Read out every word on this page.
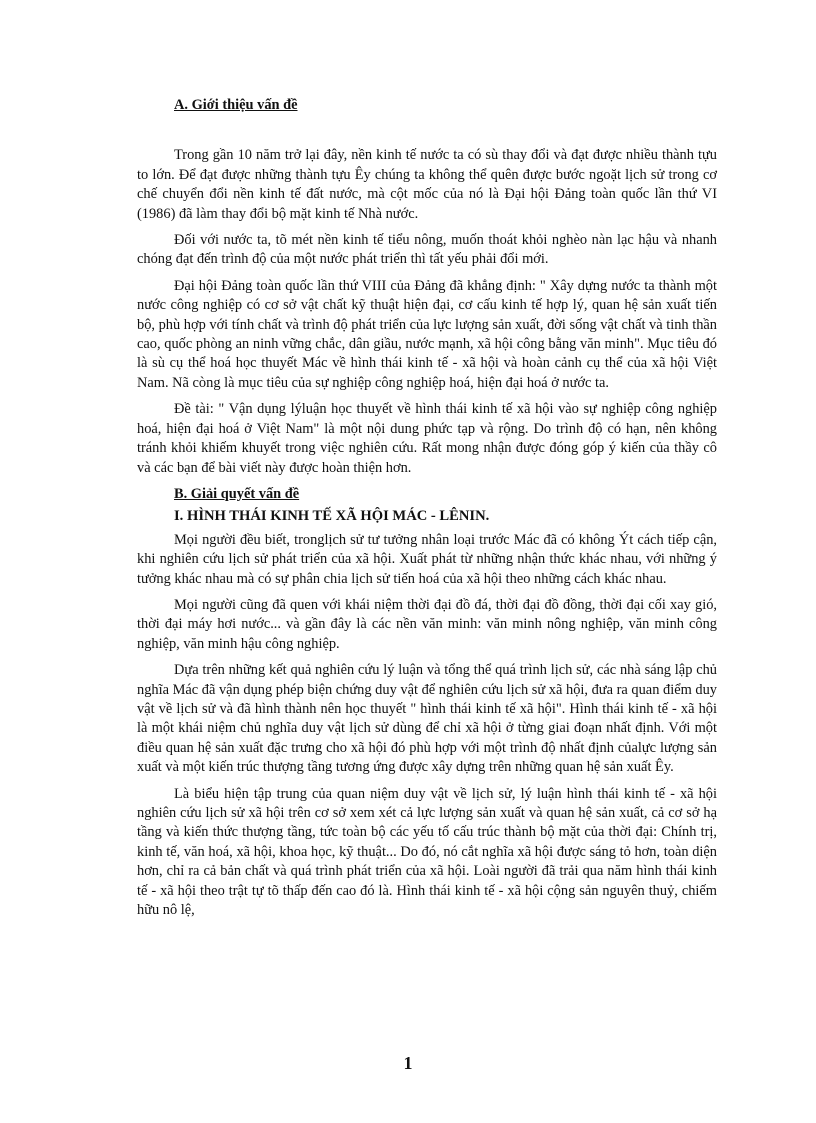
A. Giới thiệu vấn đề

Trong gần 10 năm trở lại đây, nền kinh tế nước ta có sù thay đổi và đạt được nhiều thành tựu to lớn. Để đạt được những thành tựu Êy chúng ta không thể quên được bước ngoặt lịch sử trong cơ chế chuyển đổi nền kinh tế đất nước, mà cột mốc của nó là Đại hội Đảng toàn quốc lần thứ VI (1986) đã làm thay đổi bộ mặt kinh tế Nhà nước.

Đối với nước ta, tõ mét nền kinh tế tiểu nông, muốn thoát khỏi nghèo nàn lạc hậu và nhanh chóng đạt đến trình độ của một nước phát triển thì tất yếu phải đổi mới.

Đại hội Đảng toàn quốc lần thứ VIII của Đảng đã khẳng định: " Xây dựng nước ta thành một nước công nghiệp có cơ sở vật chất kỹ thuật hiện đại, cơ cấu kinh tế hợp lý, quan hệ sản xuất tiến bộ, phù hợp với tính chất và trình độ phát triển của lực lượng sản xuất, đời sống vật chất và tinh thần cao, quốc phòng an ninh vững chắc, dân giầu, nước mạnh, xã hội công bằng văn minh". Mục tiêu đó là sù cụ thể hoá học thuyết Mác về hình thái kinh tế - xã hội và hoàn cảnh cụ thể của xã hội Việt Nam. Nã còng là mục tiêu của sự nghiệp công nghiệp hoá, hiện đại hoá ở nước ta.

Đề tài: " Vận dụng lýluận học thuyết về hình thái kinh tế xã hội vào sự nghiệp công nghiệp hoá, hiện đại hoá ở Việt Nam" là một nội dung phức tạp và rộng. Do trình độ có hạn, nên không tránh khỏi khiếm khuyết trong việc nghiên cứu. Rất mong nhận được đóng góp ý kiến của thầy cô và các bạn để bài viết này được hoàn thiện hơn.

B. Giải quyết vấn đề

I. HÌNH THÁI KINH TẾ XÃ HỘI MÁC - LÊNIN.

Mọi người đều biết, tronglịch sử tư tưởng nhân loại trước Mác đã có không Ýt cách tiếp cận, khi nghiên cứu lịch sử phát triển của xã hội. Xuất phát từ những nhận thức khác nhau, với những ý tưởng khác nhau mà có sự phân chia lịch sử tiến hoá của xã hội theo những cách khác nhau.

Mọi người cũng đã quen với khái niệm thời đại đồ đá, thời đại đồ đồng, thời đại cối xay gió, thời đại máy hơi nước... và gần đây là các nền văn minh: văn minh nông nghiệp, văn minh công nghiệp, văn minh hậu công nghiệp.

Dựa trên những kết quả nghiên cứu lý luận và tổng thể quá trình lịch sử, các nhà sáng lập chủ nghĩa Mác đã vận dụng phép biện chứng duy vật để nghiên cứu lịch sử xã hội, đưa ra quan điểm duy vật về lịch sử và đã hình thành nên học thuyết " hình thái kinh tế xã hội". Hình thái kinh tế - xã hội là một khái niệm chủ nghĩa duy vật lịch sử dùng để chỉ xã hội ở từng giai đoạn nhất định. Với một điều quan hệ sản xuất đặc trưng cho xã hội đó phù hợp với một trình độ nhất định củalực lượng sản xuất và một kiến trúc thượng tầng tương ứng được xây dựng trên những quan hệ sản xuất Êy.

Là biểu hiện tập trung của quan niệm duy vật về lịch sử, lý luận hình thái kinh tế - xã hội nghiên cứu lịch sử xã hội trên cơ sở xem xét cả lực lượng sản xuất và quan hệ sản xuất, cả cơ sở hạ tầng và kiến thức thượng tầng, tức toàn bộ các yếu tố cấu trúc thành bộ mặt của thời đại: Chính trị, kinh tế, văn hoá, xã hội, khoa học, kỹ thuật... Do đó, nó cắt nghĩa xã hội được sáng tỏ hơn, toàn diện hơn, chỉ ra cả bản chất và quá trình phát triển của xã hội. Loài người đã trải qua năm hình thái kinh tế - xã hội theo trật tự tõ thấp đến cao đó là. Hình thái kinh tế - xã hội cộng sản nguyên thuỷ, chiếm hữu nô lệ,

1
